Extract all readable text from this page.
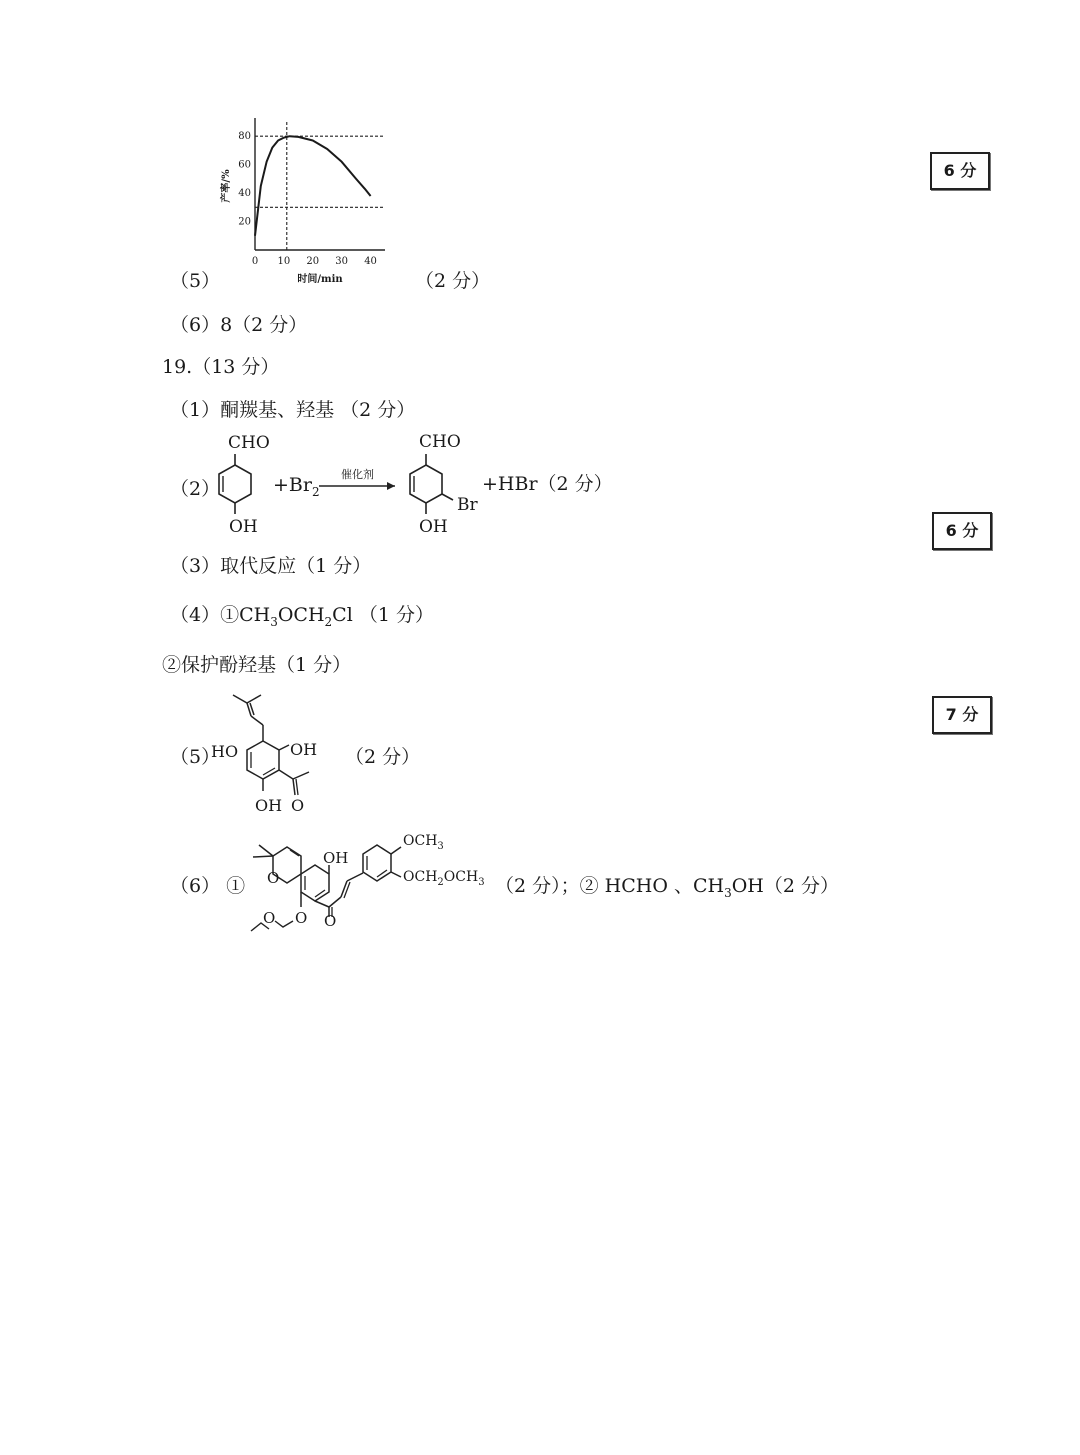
0 10 20 30 40
20
40
60
80
时间/min
产率/%
（5）	（2 分）
6 分
（6）8（2 分）
19.（13 分）
（1）酮羰基、羟基 （2 分）
（2）
CHO
OH
$+Br_2$
催化剂
CHO
OH
Br
+HBr（2 分）
6 分
（3）取代反应（1 分）
$(4)①CH_3OCH_2Cl$ （1 分）
②保护酚羟基（1 分）
7 分
（5）
HO	OH
OH O
（2 分）
（6） ① O
OH
O
O	O
$OCH_3$
$OCH_2OCH_3$ （2 分）；② HCHO 、$CH_3OH(2$ 分）
